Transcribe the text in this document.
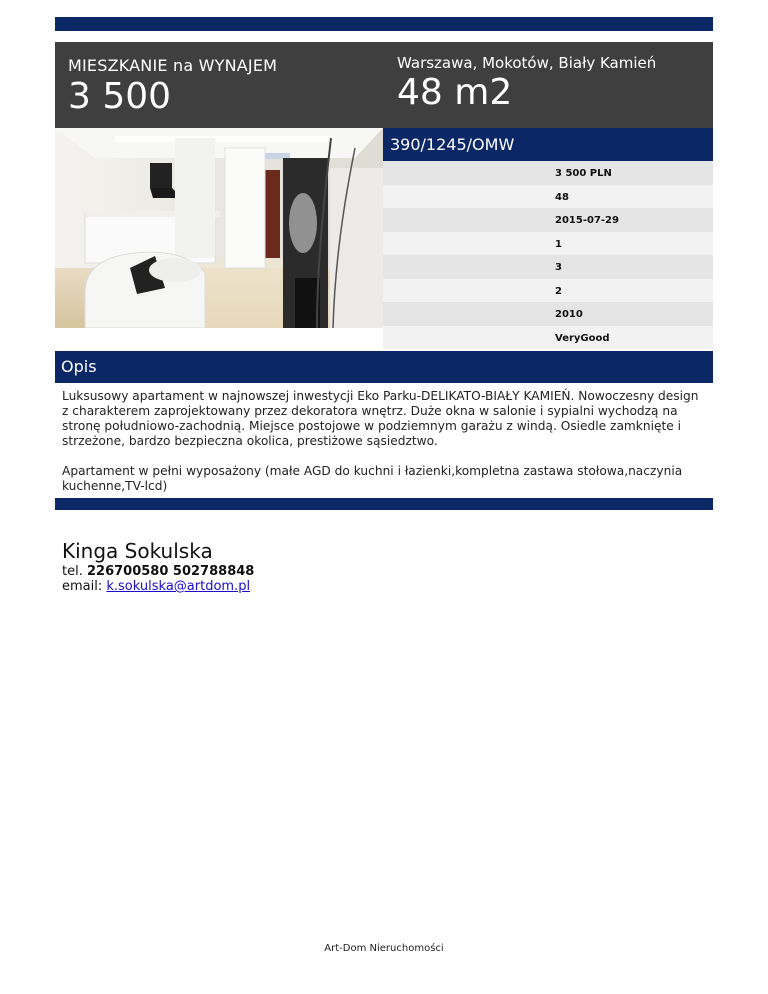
MIESZKANIE na WYNAJEM
3 500
Warszawa, Mokotów, Biały Kamień
48 m2
390/1245/OMW
3 500 PLN
48
2015-07-29
1
3
2
2010
VeryGood
Opis

Luksusowy apartament w najnowszej inwestycji Eko Parku-DELIKATO-BIAŁY KAMIEŃ. Nowoczesny design z charakterem zaprojektowany przez dekoratora wnętrz. Duże okna w salonie i sypialni wychodzą na stronę południowo-zachodnią. Miejsce postojowe w podziemnym garażu z windą. Osiedle zamknięte i strzeżone, bardzo bezpieczna okolica, prestiżowe sąsiedztwo.

Apartament w pełni wyposażony (małe AGD do kuchni i łazienki,kompletna zastawa stołowa,naczynia kuchenne,TV-lcd)

Kinga Sokulska
tel. 226700580 502788848
email: k.sokulska@artdom.pl
Art-Dom Nieruchomości
